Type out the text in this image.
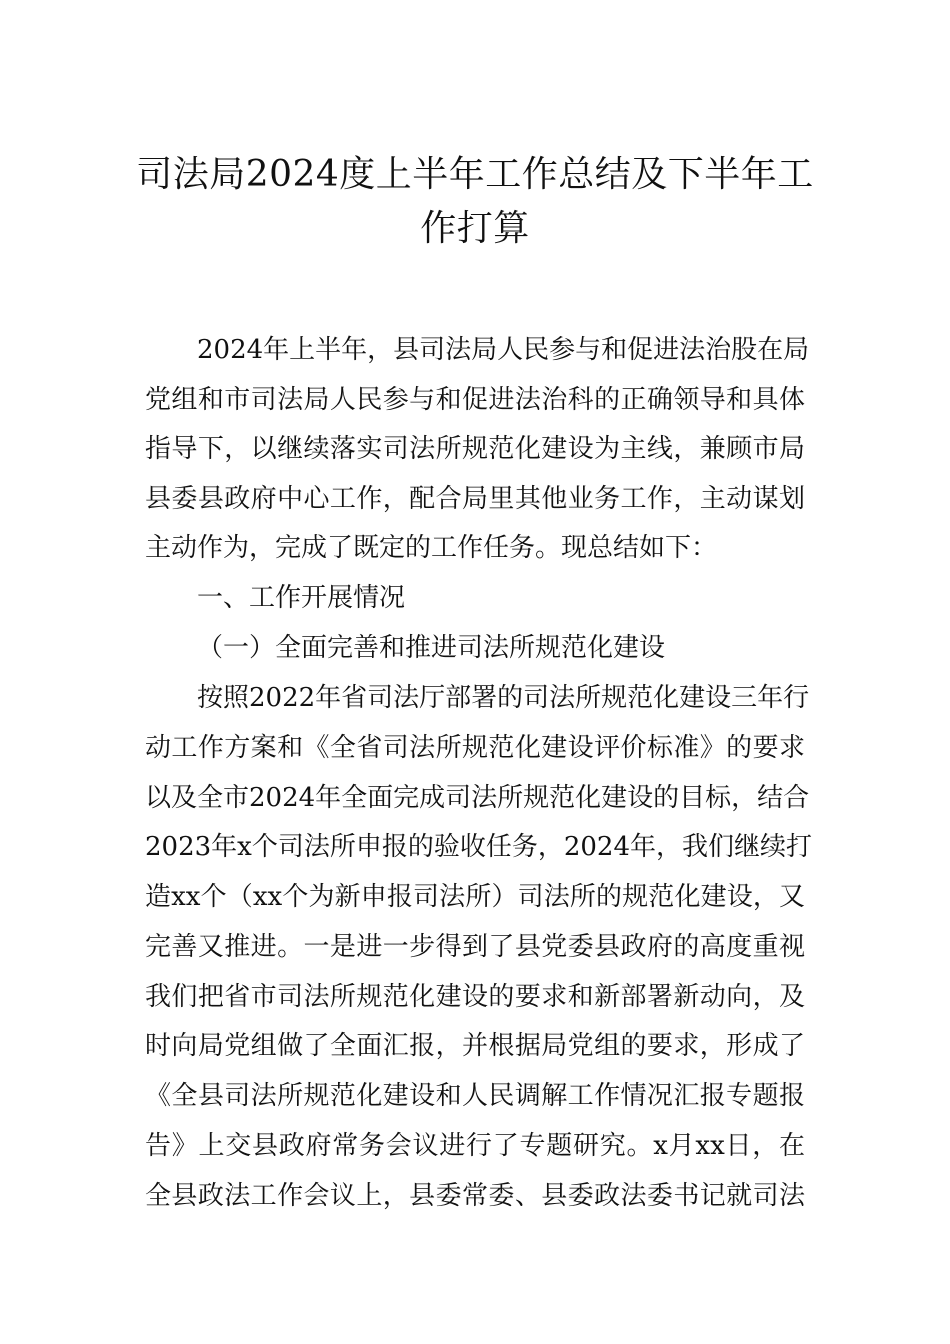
司法局2024度上半年工作总结及下半年工
作打算

2024年上半年，县司法局人民参与和促进法治股在局

党组和市司法局人民参与和促进法治科的正确领导和具体

指导下，以继续落实司法所规范化建设为主线，兼顾市局

县委县政府中心工作，配合局里其他业务工作，主动谋划

主动作为，完成了既定的工作任务。现总结如下：

一、工作开展情况

（一）全面完善和推进司法所规范化建设

按照2022年省司法厅部署的司法所规范化建设三年行

动工作方案和《全省司法所规范化建设评价标准》的要求

以及全市2024年全面完成司法所规范化建设的目标，结合

2023年x个司法所申报的验收任务，2024年，我们继续打

造xx个（xx个为新申报司法所）司法所的规范化建设，又

完善又推进。一是进一步得到了县党委县政府的高度重视

我们把省市司法所规范化建设的要求和新部署新动向，及

时向局党组做了全面汇报，并根据局党组的要求，形成了

《全县司法所规范化建设和人民调解工作情况汇报专题报

告》上交县政府常务会议进行了专题研究。x月xx日，在

全县政法工作会议上，县委常委、县委政法委书记就司法
